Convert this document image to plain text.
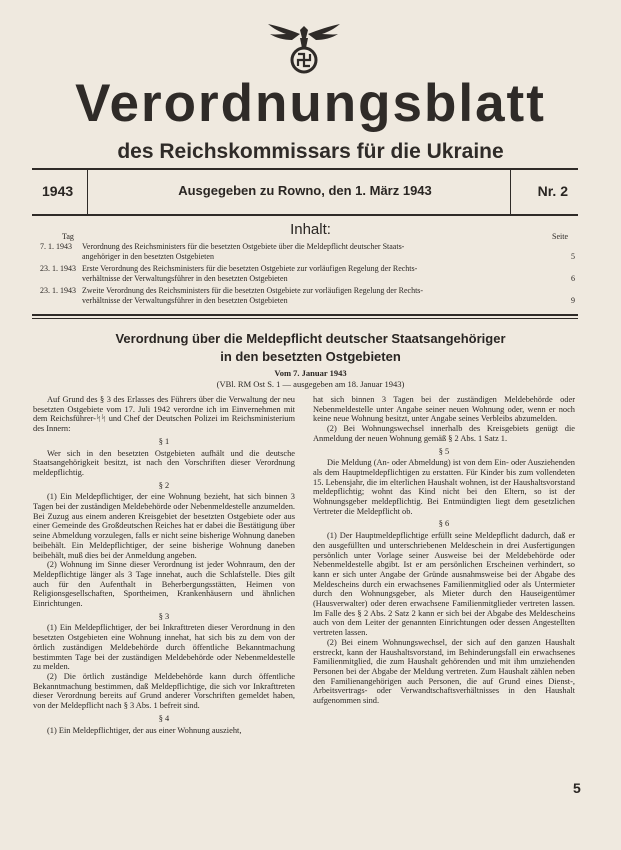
Verordnungsblatt
des Reichskommissars für die Ukraine
1943	Ausgegeben zu Rowno, den 1. März 1943	Nr. 2
Inhalt:
Tag	Seite
7. 1. 1943 Verordnung des Reichsministers für die besetzten Ostgebiete über die Meldepflicht deutscher Staats-
angehöriger in den besetzten Ostgebieten	5
23. 1. 1943 Erste Verordnung des Reichsministers für die besetzten Ostgebiete zur vorläufigen Regelung der Rechts-
verhältnisse der Verwaltungsführer in den besetzten Ostgebieten	6
23. 1. 1943 Zweite Verordnung des Reichsministers für die besetzten Ostgebiete zur vorläufigen Regelung der Rechts-
verhältnisse der Verwaltungsführer in den besetzten Ostgebieten	9
Verordnung über die Meldepflicht deutscher Staatsangehöriger
in den besetzten Ostgebieten
Vom 7. Januar 1943
(VBl. RM Ost S. 1 — ausgegeben am 18. Januar 1943)

Auf Grund des § 3 des Erlasses des Führers über die Verwaltung der neu besetzten Ostgebiete vom 17. Juli 1942 verordne ich im Einvernehmen mit dem Reichsführer-ᛋᛋ und Chef der Deutschen Polizei im Reichsministerium des Innern:

§ 1

Wer sich in den besetzten Ostgebieten aufhält und die deutsche Staatsangehörigkeit besitzt, ist nach den Vorschriften dieser Verordnung meldepflichtig.

§ 2

(1) Ein Meldepflichtiger, der eine Wohnung bezieht, hat sich binnen 3 Tagen bei der zuständigen Meldebehörde oder Nebenmeldestelle anzumelden. Bei Zuzug aus einem anderen Kreisgebiet der besetzten Ostgebiete oder aus einer Gemeinde des Großdeutschen Reiches hat er dabei die Bestätigung über seine Abmeldung vorzulegen, falls er nicht seine bisherige Wohnung daneben beibehält. Ein Meldepflichtiger, der seine bisherige Wohnung daneben beibehält, muß dies bei der Anmeldung angeben.

(2) Wohnung im Sinne dieser Verordnung ist jeder Wohnraum, den der Meldepflichtige länger als 3 Tage innehat, auch die Schlafstelle. Dies gilt auch für den Aufenthalt in Beherbergungsstätten, Heimen von Religionsgesellschaften, Sportheimen, Krankenhäusern und ähnlichen Einrichtungen.

§ 3

(1) Ein Meldepflichtiger, der bei Inkrafttreten dieser Verordnung in den besetzten Ostgebieten eine Wohnung innehat, hat sich bis zu dem von der örtlich zuständigen Meldebehörde durch öffentliche Bekanntmachung bestimmten Tage bei der zuständigen Meldebehörde oder Nebenmeldestelle zu melden.

(2) Die örtlich zuständige Meldebehörde kann durch öffentliche Bekanntmachung bestimmen, daß Meldepflichtige, die sich vor Inkrafttreten dieser Verordnung bereits auf Grund anderer Vorschriften gemeldet haben, von der Meldepflicht nach § 3 Abs. 1 befreit sind.

§ 4

(1) Ein Meldepflichtiger, der aus einer Wohnung auszieht,

hat sich binnen 3 Tagen bei der zuständigen Meldebehörde oder Nebenmeldestelle unter Angabe seiner neuen Wohnung oder, wenn er noch keine neue Wohnung besitzt, unter Angabe seines Verbleibs abzumelden.

(2) Bei Wohnungswechsel innerhalb des Kreisgebiets genügt die Anmeldung der neuen Wohnung gemäß § 2 Abs. 1 Satz 1.

§ 5

Die Meldung (An- oder Abmeldung) ist von dem Ein- oder Ausziehenden als dem Hauptmeldepflichtigen zu erstatten. Für Kinder bis zum vollendeten 15. Lebensjahr, die im elterlichen Haushalt wohnen, ist der Haushaltsvorstand meldepflichtig; wohnt das Kind nicht bei den Eltern, so ist der Wohnungsgeber meldepflichtig. Bei Entmündigten liegt dem gesetzlichen Vertreter die Meldepflicht ob.

§ 6

(1) Der Hauptmeldepflichtige erfüllt seine Meldepflicht dadurch, daß er den ausgefüllten und unterschriebenen Meldeschein in drei Ausfertigungen persönlich unter Vorlage seiner Ausweise bei der Meldebehörde oder Nebenmeldestelle abgibt. Ist er am persönlichen Erscheinen verhindert, so kann er sich unter Angabe der Gründe ausnahmsweise bei der Abgabe des Meldescheins durch ein erwachsenes Familienmitglied oder als Untermieter durch den Wohnungsgeber, als Mieter durch den Hauseigentümer (Hausverwalter) oder deren erwachsene Familienmitglieder vertreten lassen. Im Falle des § 2 Abs. 2 Satz 2 kann er sich bei der Abgabe des Meldescheins auch von dem Leiter der genannten Einrichtungen oder dessen Angestellten vertreten lassen.

(2) Bei einem Wohnungswechsel, der sich auf den ganzen Haushalt erstreckt, kann der Haushaltsvorstand, im Behinderungsfall ein erwachsenes Familienmitglied, die zum Haushalt gehörenden und mit ihm umziehenden Personen bei der Abgabe der Meldung vertreten. Zum Haushalt zählen neben den Familienangehörigen auch Personen, die auf Grund eines Dienst-, Arbeitsvertrags- oder Verwandtschaftsverhältnisses in den Haushalt aufgenommen sind.

5
